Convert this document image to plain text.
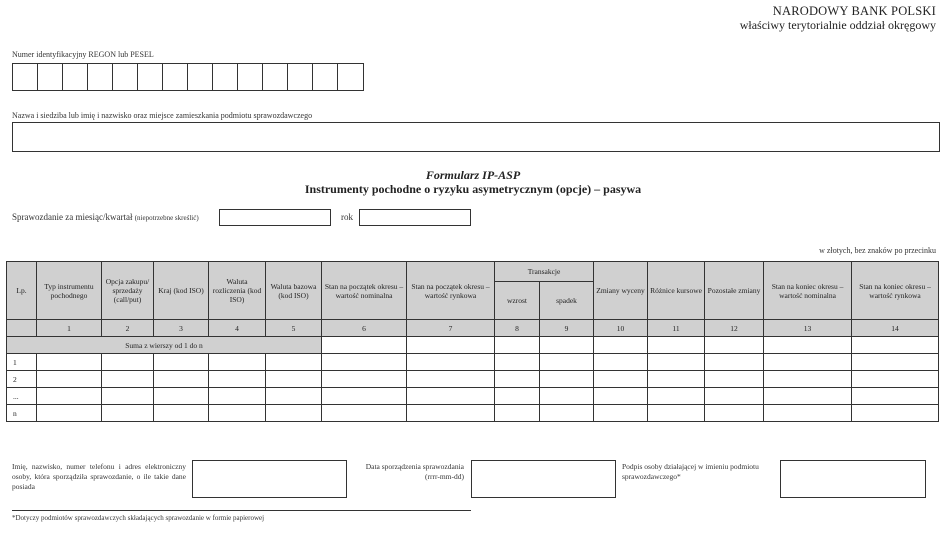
NARODOWY BANK POLSKI
właściwy terytorialnie oddział okręgowy
Numer identyfikacyjny REGON lub PESEL
Nazwa i siedziba lub imię i nazwisko oraz miejsce zamieszkania podmiotu sprawozdawczego
Formularz IP-ASP
Instrumenty pochodne o ryzyku asymetrycznym (opcje) – pasywa
Sprawozdanie za miesiąc/kwartał (niepotrzebne skreślić)	rok
w złotych, bez znaków po przecinku
Lp.	Typ instrumentu pochodnego	Opcja zakupu/ sprzedaży (call/put)	Kraj (kod ISO)	Waluta rozliczenia (kod ISO)	Waluta bazowa (kod ISO)	Stan na początek okresu – wartość nominalna	Stan na początek okresu – wartość rynkowa	Transakcje		Zmiany wyceny	Różnice kursowe	Pozostałe zmiany	Stan na koniec okresu – wartość nominalna	Stan na koniec okresu – wartość rynkowa
								wzrost	spadek					
	1	2	3	4	5	6	7	8	9	10	11	12	13	14
Suma z wierszy od 1 do n														
1														
2														
...														
n														
Imię, nazwisko, numer telefonu i adres elektroniczny osoby, która sporządziła sprawozdanie, o ile takie dane posiada
Data sporządzenia sprawozdania
(rrrr-mm-dd)
Podpis osoby działającej w imieniu podmiotu sprawozdawczego*
*Dotyczy podmiotów sprawozdawczych składających sprawozdanie w formie papierowej
